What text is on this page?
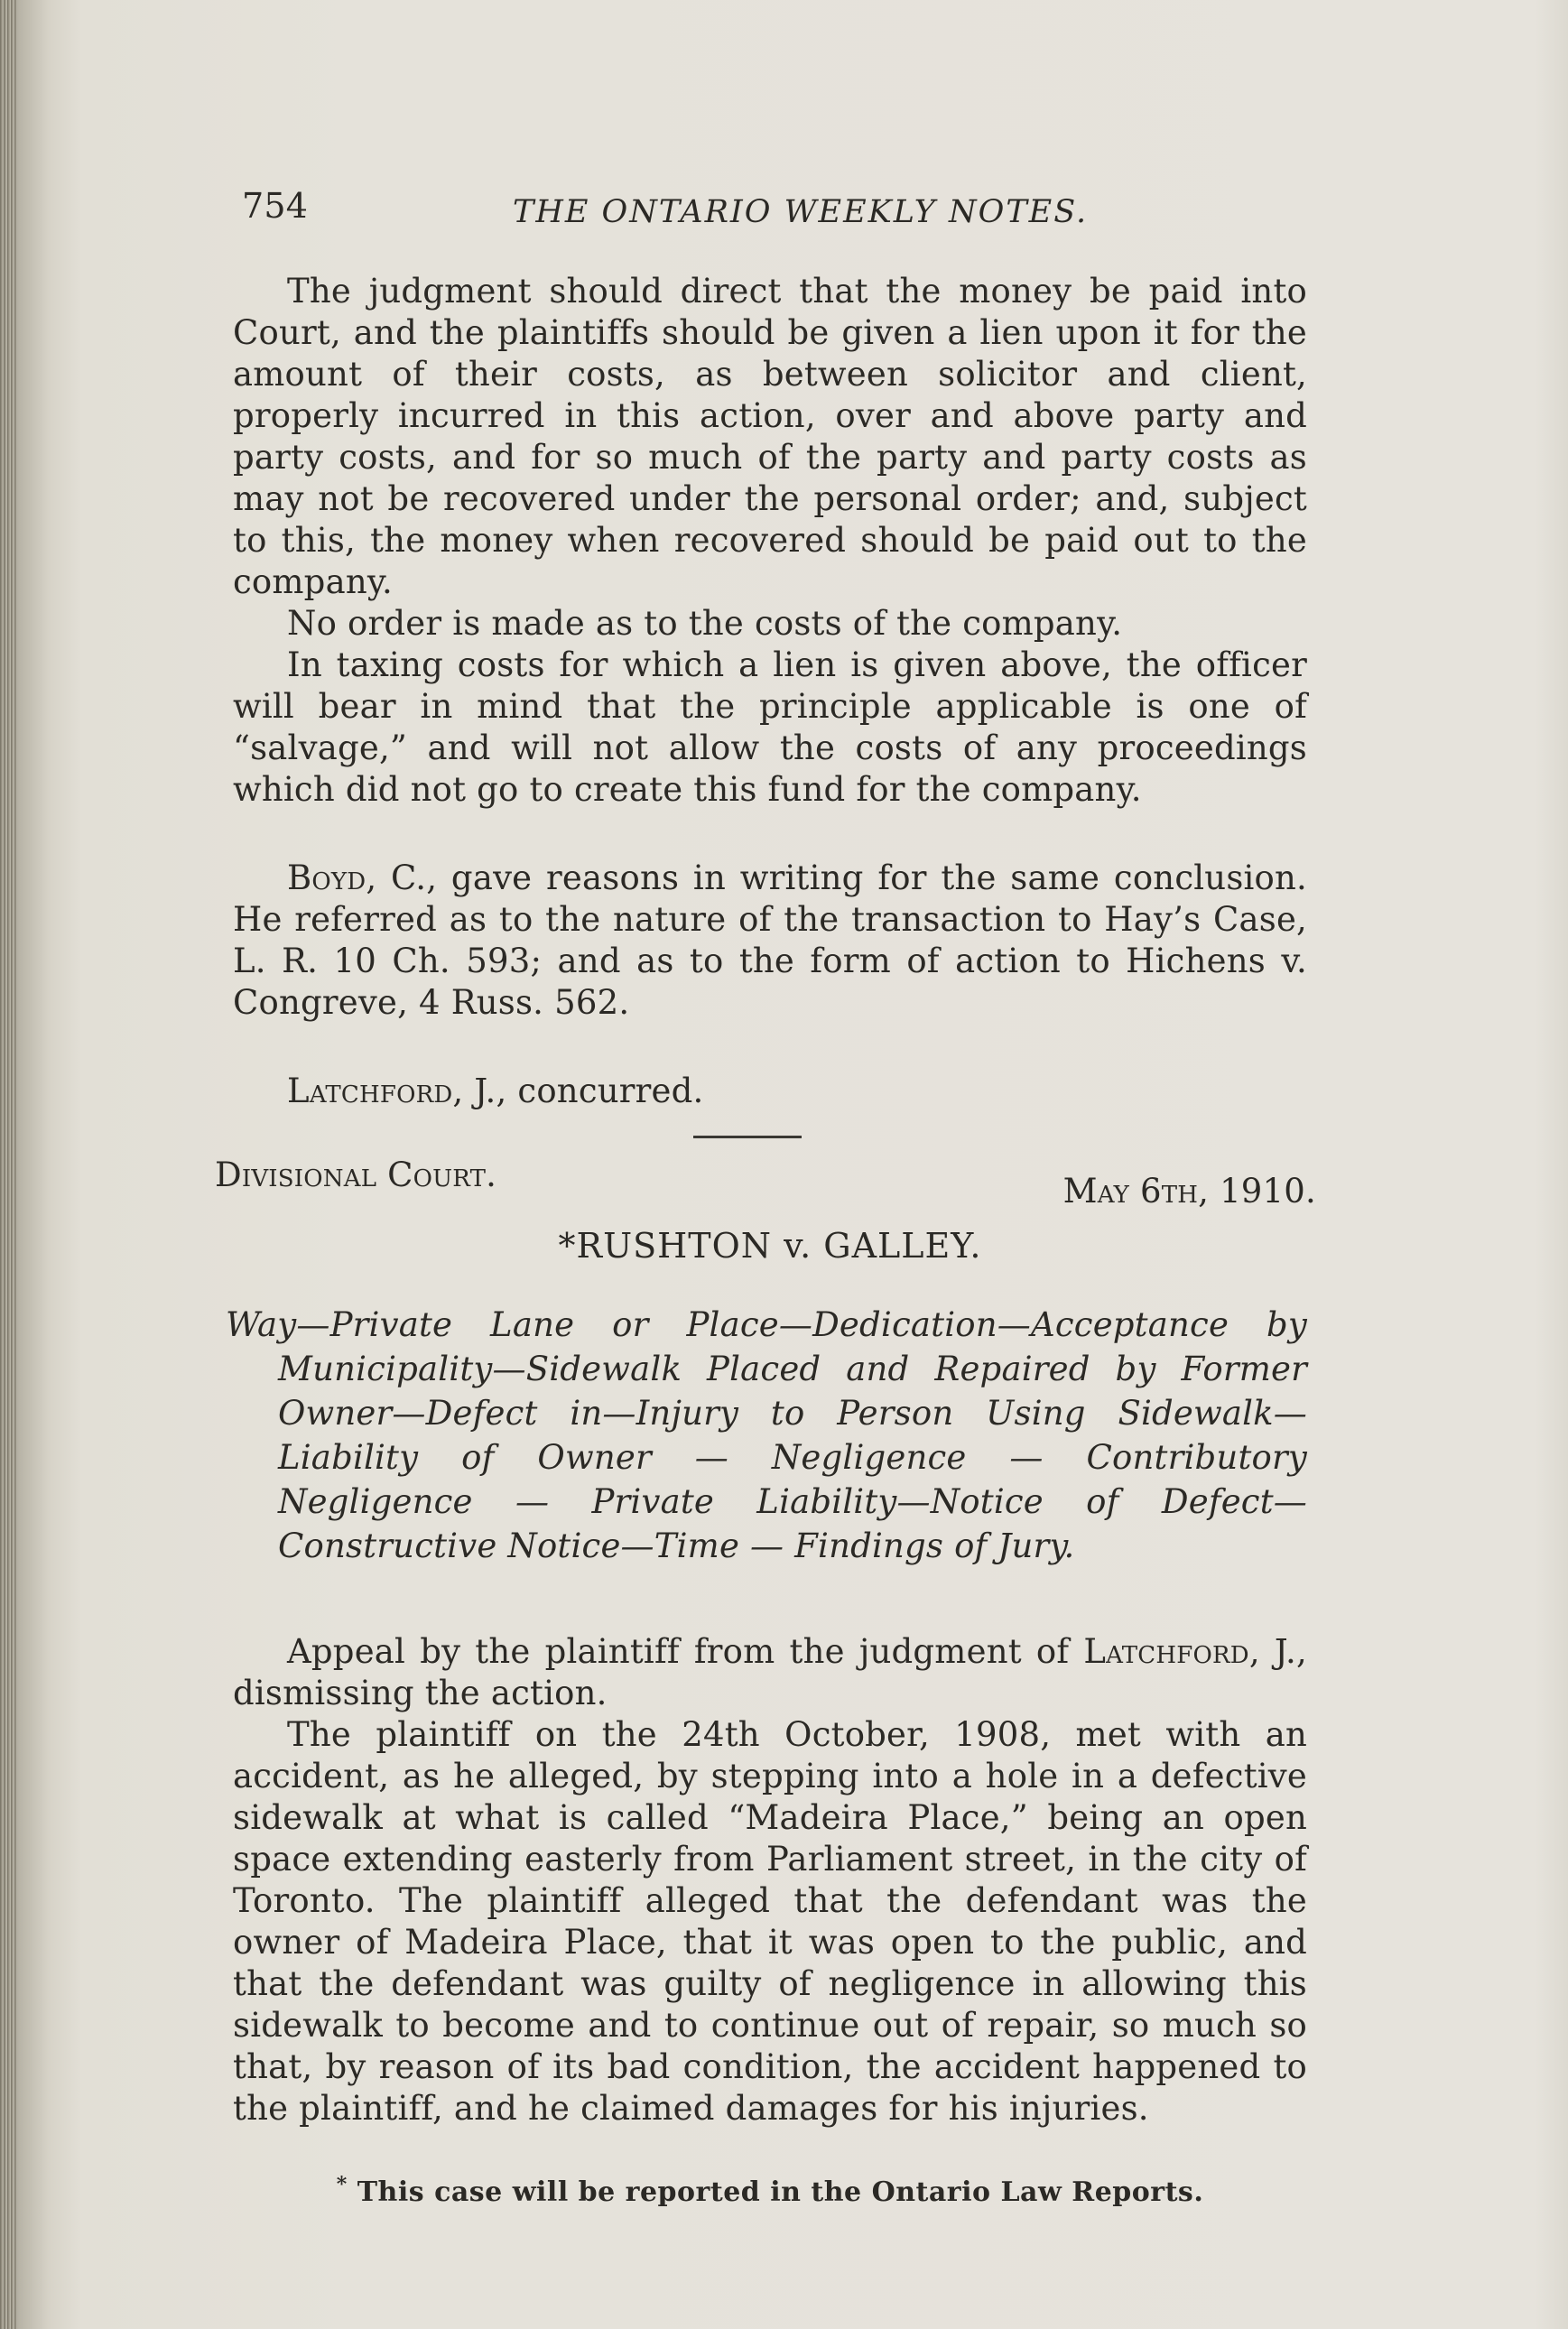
754	THE ONTARIO WEEKLY NOTES.

The judgment should direct that the money be paid into Court, and the plaintiffs should be given a lien upon it for the amount of their costs, as between solicitor and client, properly incurred in this action, over and above party and party costs, and for so much of the party and party costs as may not be recovered under the personal order; and, subject to this, the money when recovered should be paid out to the company.

No order is made as to the costs of the company.

In taxing costs for which a lien is given above, the officer will bear in mind that the principle applicable is one of “salvage,” and will not allow the costs of any proceedings which did not go to create this fund for the company.

Boyd, C., gave reasons in writing for the same conclusion. He referred as to the nature of the transaction to Hay’s Case, L. R. 10 Ch. 593; and as to the form of action to Hichens v. Congreve, 4 Russ. 562.

Latchford, J., concurred.

Divisional Court.	May 6th, 1910.
*RUSHTON v. GALLEY.
Way—Private Lane or Place—Dedication—Acceptance by Municipality—Sidewalk Placed and Repaired by Former Owner—Defect in—Injury to Person Using Sidewalk—Liability of Owner — Negligence — Contributory Negligence — Private Liability—Notice of Defect—Constructive Notice—Time — Findings of Jury.

Appeal by the plaintiff from the judgment of Latchford, J., dismissing the action.

The plaintiff on the 24th October, 1908, met with an accident, as he alleged, by stepping into a hole in a defective sidewalk at what is called “Madeira Place,” being an open space extending easterly from Parliament street, in the city of Toronto. The plaintiff alleged that the defendant was the owner of Madeira Place, that it was open to the public, and that the defendant was guilty of negligence in allowing this sidewalk to become and to continue out of repair, so much so that, by reason of its bad condition, the accident happened to the plaintiff, and he claimed damages for his injuries.

* This case will be reported in the Ontario Law Reports.
